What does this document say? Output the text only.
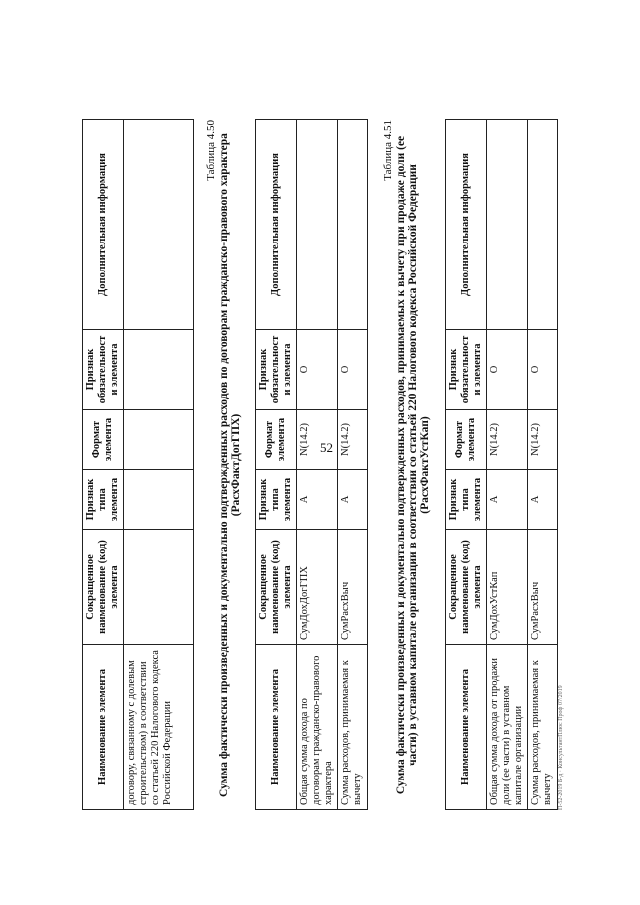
52
Наименование элемента	Сокращенное наименование (код) элемента	Признак типа элемента	Формат элемента	Признак обязательности элемента	Дополнительная информация
договору, связанному с долевым строительством) в соответствии со статьей 220 Налогового кодекса Российской Федерации					
Таблица 4.50 Сумма фактически произведенных и документально подтвержденных расходов по договорам гражданско-правового характера (РасхФактДогГПХ)
Наименование элемента	Сокращенное наименование (код) элемента	Признак типа элемента	Формат элемента	Признак обязательности элемента	Дополнительная информация
Общая сумма дохода по договорам гражданско-правового характера	СумДохДогГПХ	А	N(14.2)	О	
Сумма расходов, принимаемая к вычету	СумРасхВыч	А	N(14.2)	О	
Таблица 4.51 Сумма фактически произведенных и документально подтвержденных расходов, принимаемых к вычету при продаже доли (ее части) в уставном капитале организации в соответствии со статьей 220 Налогового кодекса Российской Федерации (РасхФактУстКап)
Наименование элемента	Сокращенное наименование (код) элемента	Признак типа элемента	Формат элемента	Признак обязательности элемента	Дополнительная информация
Общая сумма дохода от продажи доли (ее части) в уставном капитале организации	СумДохУстКап	А	N(14.2)	О	
Сумма расходов, принимаемая к вычету	СумРасхВыч	А	N(14.2)	О	
П-52-2019 Б-д · КонсультантПлюс Проф 07/2019
